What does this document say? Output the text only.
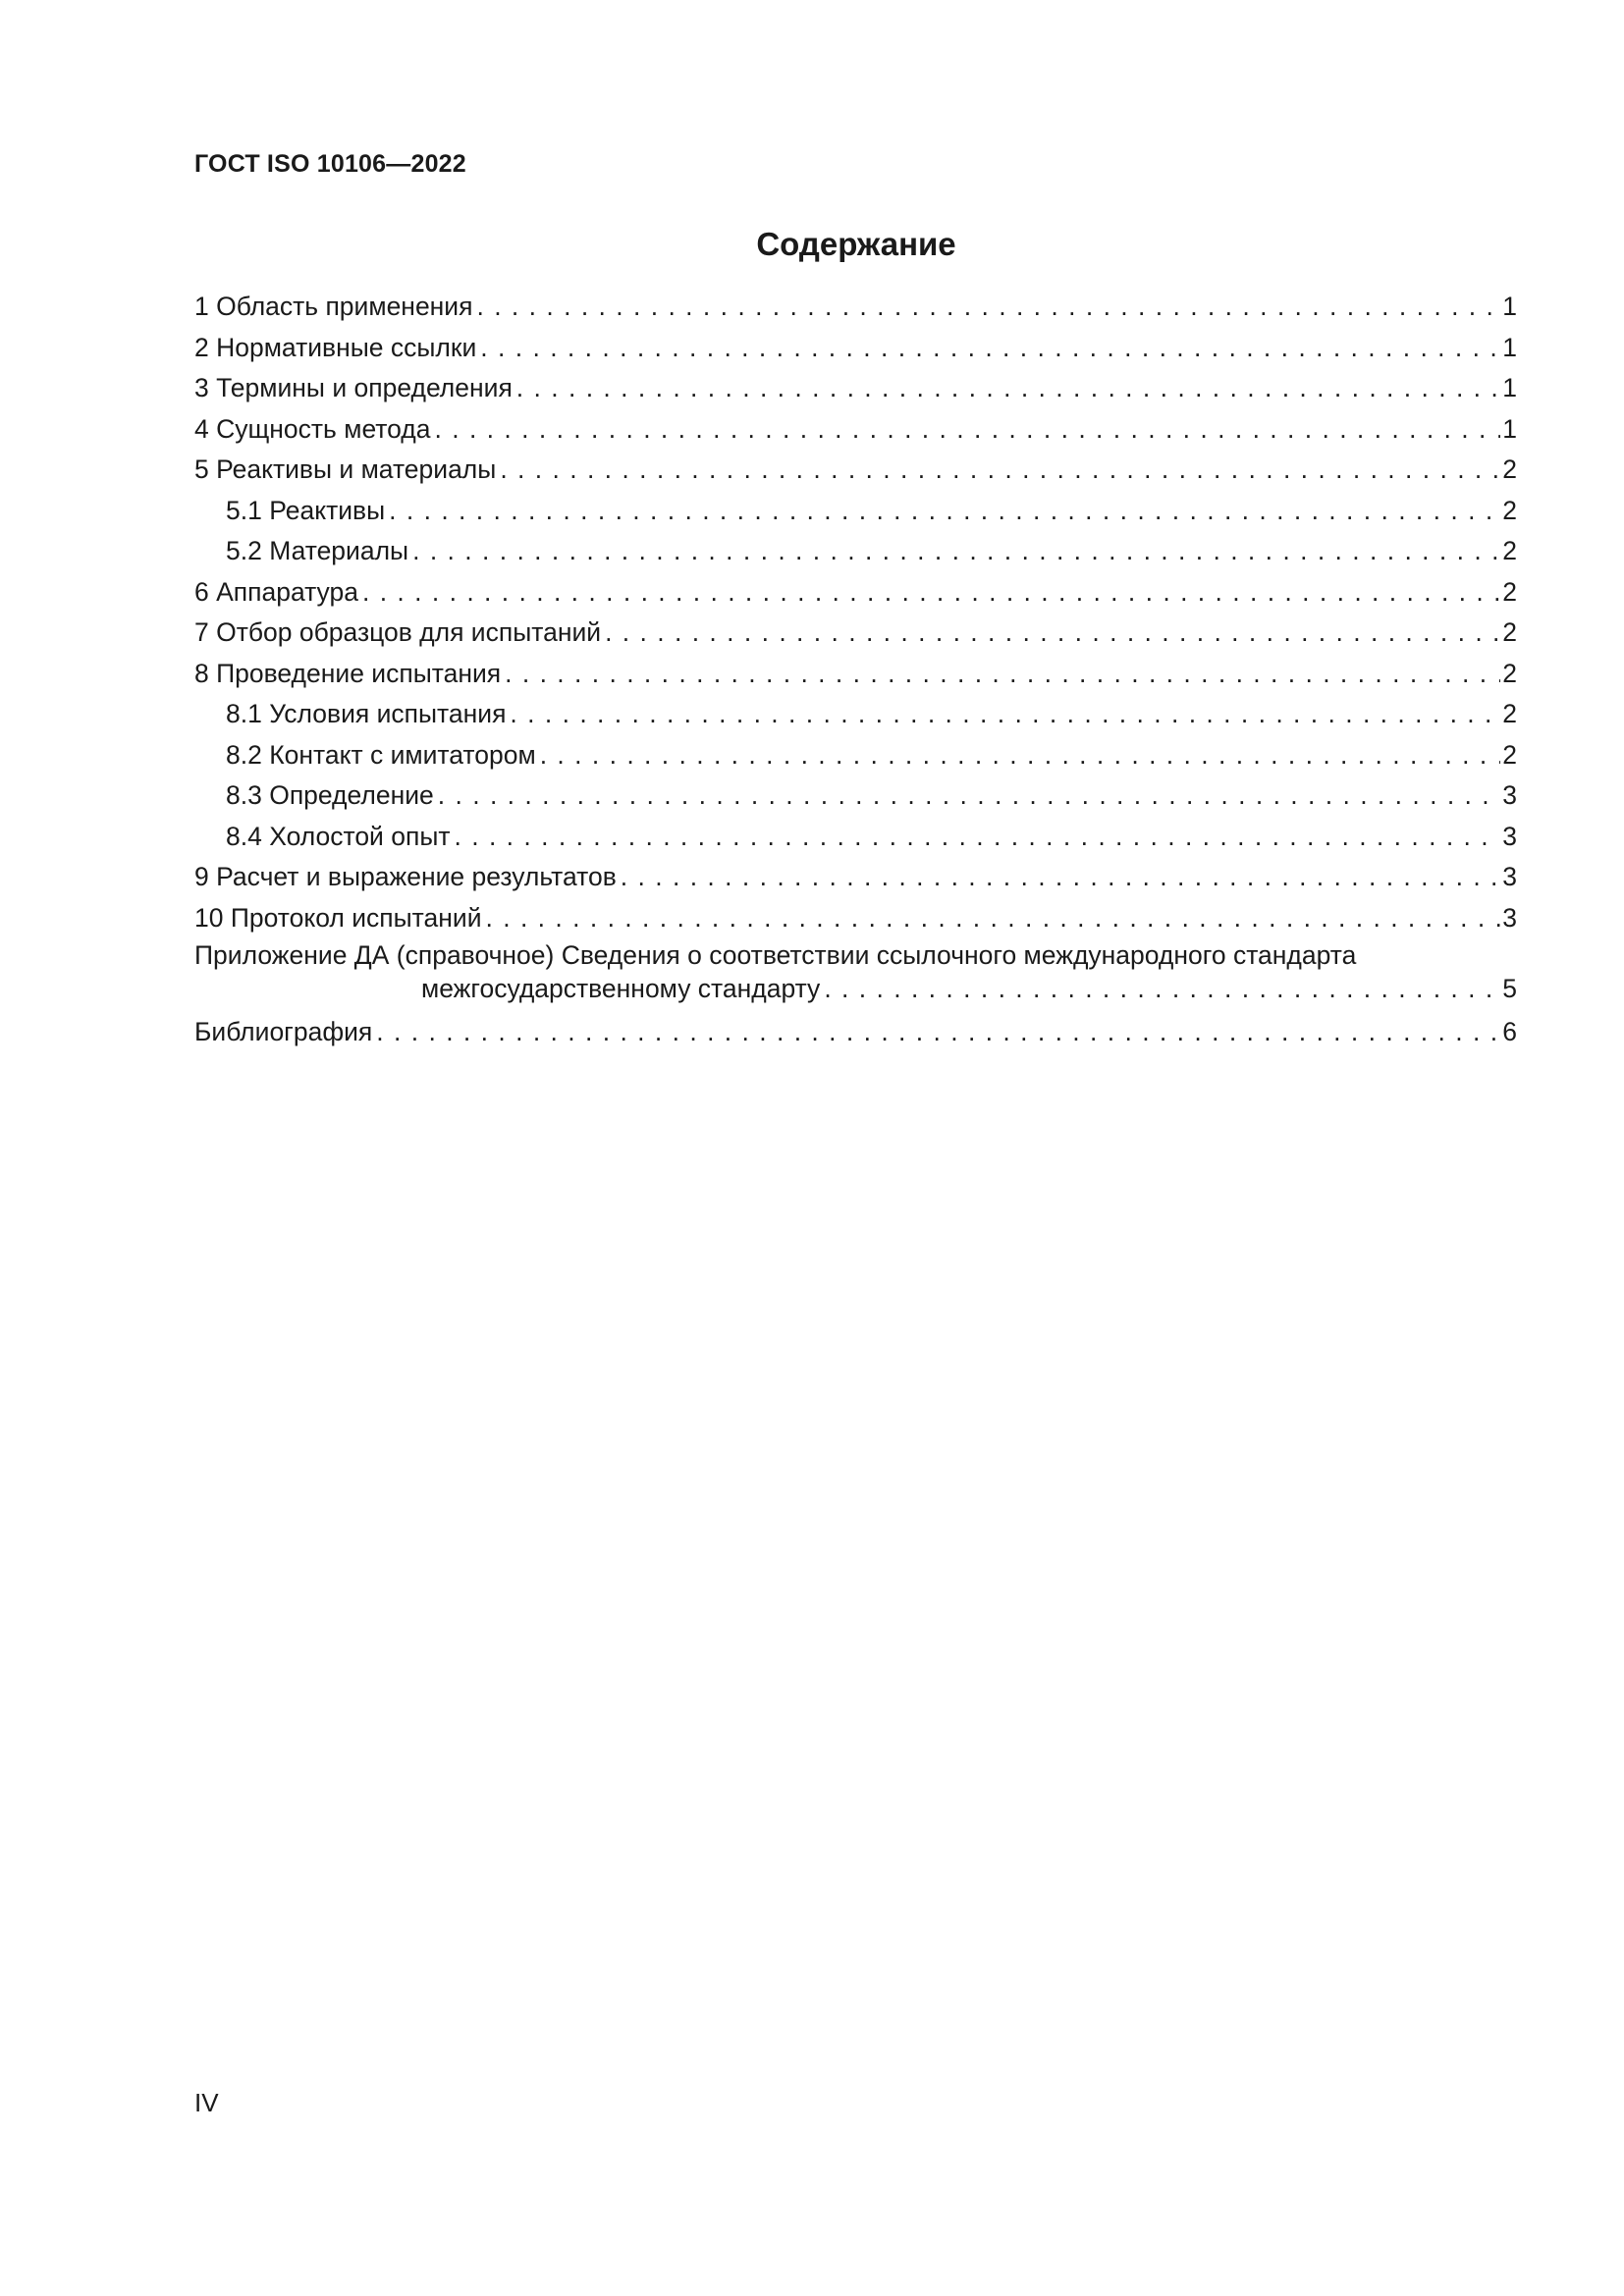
ГОСТ ISO 10106—2022
Содержание
1 Область применения . . .	1
2 Нормативные ссылки . . .	1
3 Термины и определения . . .	1
4 Сущность метода . . .	1
5 Реактивы и материалы . . .	2
5.1 Реактивы . . .	2
5.2 Материалы . . .	2
6 Аппаратура . . .	2
7 Отбор образцов для испытаний . . .	2
8 Проведение испытания . . .	2
8.1 Условия испытания . . .	2
8.2 Контакт с имитатором . . .	2
8.3 Определение . . .	3
8.4 Холостой опыт . . .	3
9 Расчет и выражение результатов . . .	3
10 Протокол испытаний . . .	3
Приложение ДА (справочное) Сведения о соответствии ссылочного международного стандарта
межгосударственному стандарту . . .	5
Библиография . . .	6
IV
